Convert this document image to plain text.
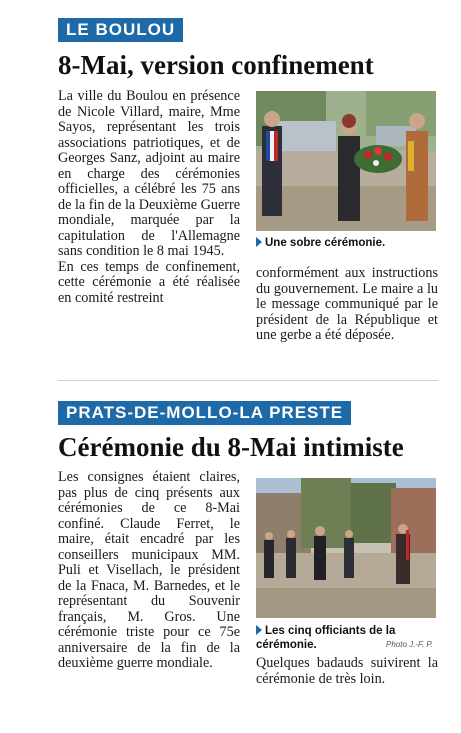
LE BOULOU
8-Mai, version confinement

La ville du Boulou en présence de Nicole Villard, maire, Mme Sayos, représentant les trois associations patriotiques, et de Georges Sanz, adjoint au maire en charge des cérémonies officielles, a célébré les 75 ans de la fin de la Deuxième Guerre mondiale, marquée par la capitulation de l'Allemagne sans condition le 8 mai 1945.

En ces temps de confinement, cette cérémonie a été réalisée en comité restreint

Une sobre cérémonie.

conformément aux instructions du gouvernement. Le maire a lu le message communiqué par le président de la République et une gerbe a été déposée.

PRATS-DE-MOLLO-LA PRESTE
Cérémonie du 8-Mai intimiste

Les consignes étaient claires, pas plus de cinq présents aux cérémonies de ce 8-Mai confiné. Claude Ferret, le maire, était encadré par les conseillers municipaux MM. Puli et Visellach, le président de la Fnaca, M. Barnedes, et le représentant du Souvenir français, M. Gros. Une cérémonie triste pour ce 75e anniversaire de la fin de la deuxième guerre mondiale.

Les cinq officiants de la cérémonie.	Photo J.-F. P.

Quelques badauds suivirent la cérémonie de très loin.
